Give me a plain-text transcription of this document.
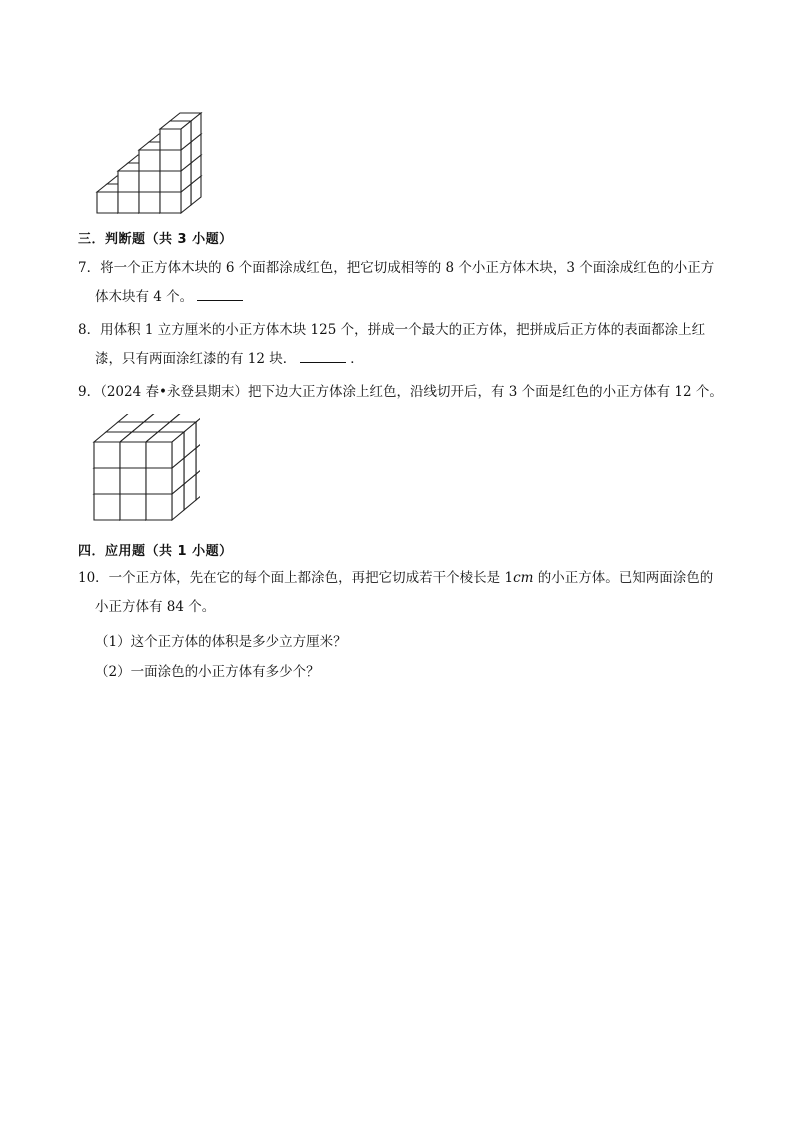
三．判断题（共 3 小题）
7．将一个正方体木块的 6 个面都涂成红色，把它切成相等的 8 个小正方体木块，3 个面涂成红色的小正方
体木块有 4 个。
8．用体积 1 立方厘米的小正方体木块 125 个，拼成一个最大的正方体，把拼成后正方体的表面都涂上红
漆，只有两面涂红漆的有 12 块．	．
9．（2024 春•永登县期末）把下边大正方体涂上红色，沿线切开后，有 3 个面是红色的小正方体有 12 个。
四．应用题（共 1 小题）
10．一个正方体，先在它的每个面上都涂色，再把它切成若干个棱长是 1cm 的小正方体。已知两面涂色的
小正方体有 84 个。
（1）这个正方体的体积是多少立方厘米？
（2）一面涂色的小正方体有多少个？
